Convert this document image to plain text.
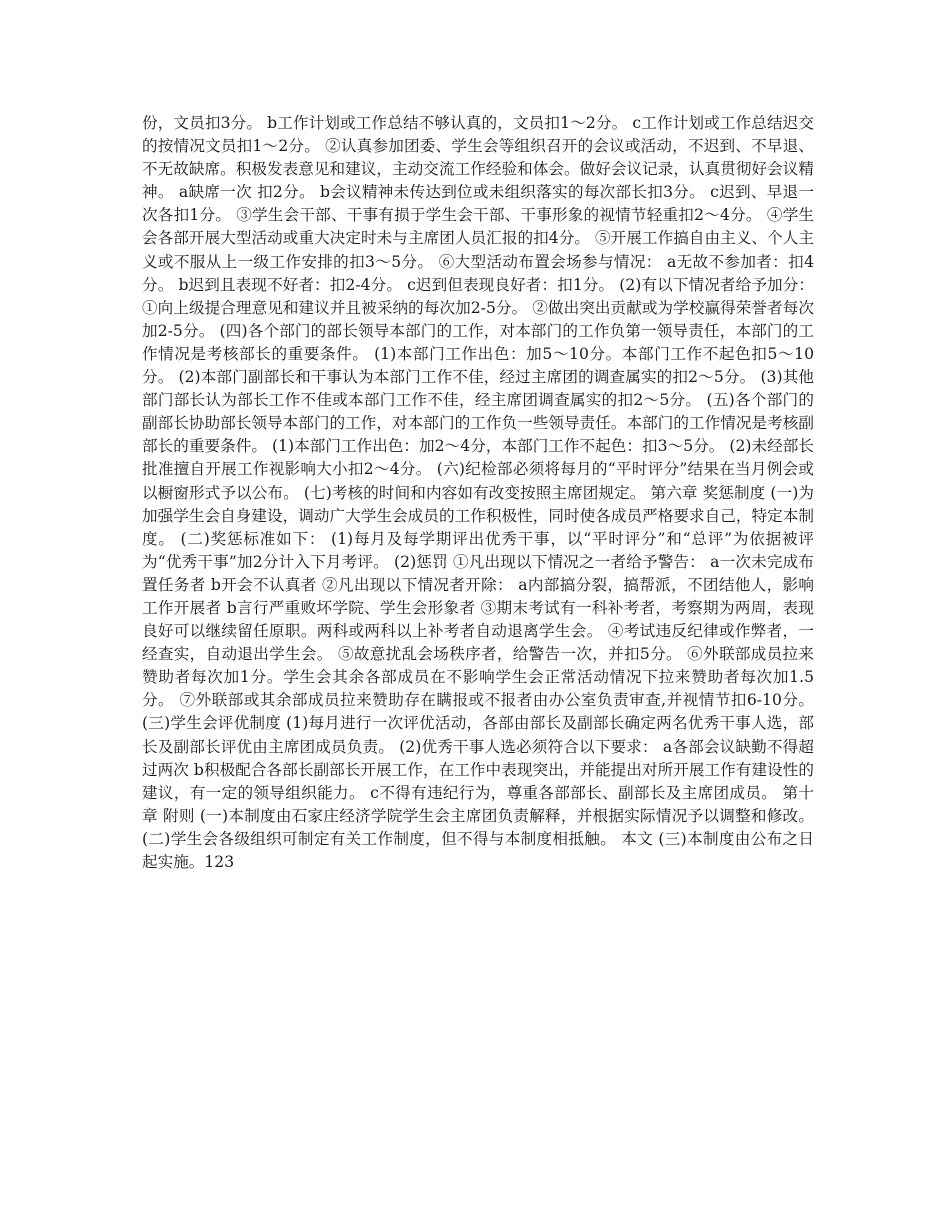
份，文员扣3分。 b工作计划或工作总结不够认真的，文员扣1～2分。 c工作计划或工作总结迟交的按情况文员扣1～2分。 ②认真参加团委、学生会等组织召开的会议或活动，不迟到、不早退、不无故缺席。积极发表意见和建议，主动交流工作经验和体会。做好会议记录，认真贯彻好会议精神。 a缺席一次 扣2分。 b会议精神未传达到位或未组织落实的每次部长扣3分。 c迟到、早退一次各扣1分。 ③学生会干部、干事有损于学生会干部、干事形象的视情节轻重扣2～4分。 ④学生会各部开展大型活动或重大决定时未与主席团人员汇报的扣4分。 ⑤开展工作搞自由主义、个人主义或不服从上一级工作安排的扣3～5分。 ⑥大型活动布置会场参与情况： a无故不参加者：扣4分。 b迟到且表现不好者：扣2-4分。 c迟到但表现良好者：扣1分。 (2)有以下情况者给予加分： ①向上级提合理意见和建议并且被采纳的每次加2-5分。 ②做出突出贡献或为学校赢得荣誉者每次加2-5分。 (四)各个部门的部长领导本部门的工作，对本部门的工作负第一领导责任，本部门的工作情况是考核部长的重要条件。 (1)本部门工作出色：加5～10分。本部门工作不起色扣5～10分。 (2)本部门副部长和干事认为本部门工作不佳，经过主席团的调查属实的扣2～5分。 (3)其他部门部长认为部长工作不佳或本部门工作不佳，经主席团调查属实的扣2～5分。 (五)各个部门的副部长协助部长领导本部门的工作，对本部门的工作负一些领导责任。本部门的工作情况是考核副部长的重要条件。 (1)本部门工作出色：加2～4分，本部门工作不起色：扣3～5分。 (2)未经部长批准擅自开展工作视影响大小扣2～4分。 (六)纪检部必须将每月的“平时评分”结果在当月例会或以橱窗形式予以公布。 (七)考核的时间和内容如有改变按照主席团规定。 第六章 奖惩制度 (一)为加强学生会自身建设，调动广大学生会成员的工作积极性，同时使各成员严格要求自己，特定本制度。 (二)奖惩标准如下： (1)每月及每学期评出优秀干事，以“平时评分”和“总评”为依据被评为“优秀干事”加2分计入下月考评。 (2)惩罚 ①凡出现以下情况之一者给予警告： a一次未完成布置任务者 b开会不认真者 ②凡出现以下情况者开除： a内部搞分裂，搞帮派，不团结他人，影响工作开展者 b言行严重败坏学院、学生会形象者 ③期末考试有一科补考者，考察期为两周，表现良好可以继续留任原职。两科或两科以上补考者自动退离学生会。 ④考试违反纪律或作弊者，一经查实，自动退出学生会。 ⑤故意扰乱会场秩序者，给警告一次，并扣5分。 ⑥外联部成员拉来赞助者每次加1分。学生会其余各部成员在不影响学生会正常活动情况下拉来赞助者每次加1.5分。 ⑦外联部或其余部成员拉来赞助存在瞒报或不报者由办公室负责审查,并视情节扣6-10分。 (三)学生会评优制度 (1)每月进行一次评优活动，各部由部长及副部长确定两名优秀干事人选，部长及副部长评优由主席团成员负责。 (2)优秀干事人选必须符合以下要求： a各部会议缺勤不得超过两次 b积极配合各部长副部长开展工作，在工作中表现突出，并能提出对所开展工作有建设性的建议，有一定的领导组织能力。 c不得有违纪行为，尊重各部部长、副部长及主席团成员。 第十章 附则 (一)本制度由石家庄经济学院学生会主席团负责解释，并根据实际情况予以调整和修改。 (二)学生会各级组织可制定有关工作制度，但不得与本制度相抵触。 本文 (三)本制度由公布之日起实施。123
